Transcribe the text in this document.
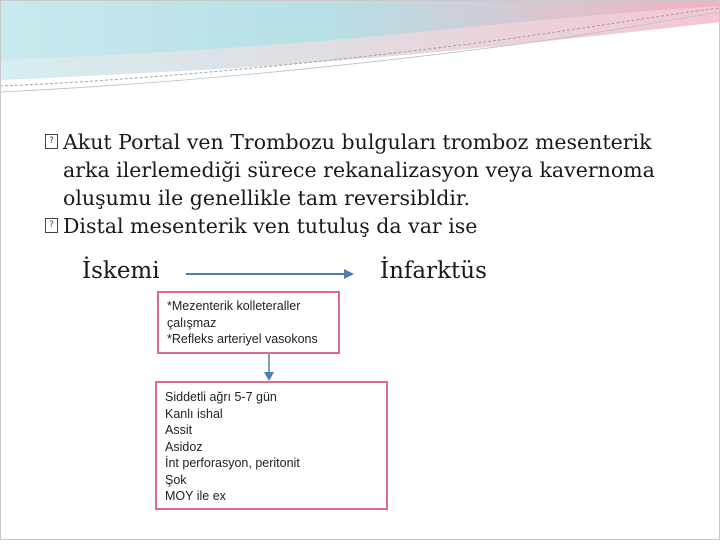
? Akut Portal ven Trombozu bulguları tromboz mesenterik
arka ilerlemediği sürece rekanalizasyon veya kavernoma
oluşumu ile genellikle tam reversibldir.
? Distal mesenterik ven tutuluş da var ise
İskemi	İnfarktüs
*Mezenterik kolleteraller
çalışmaz
*Refleks arteriyel vasokons
Siddetli ağrı 5-7 gün
Kanlı ishal
Assit
Asidoz
İnt perforasyon, peritonit
Şok
MOY ile ex
